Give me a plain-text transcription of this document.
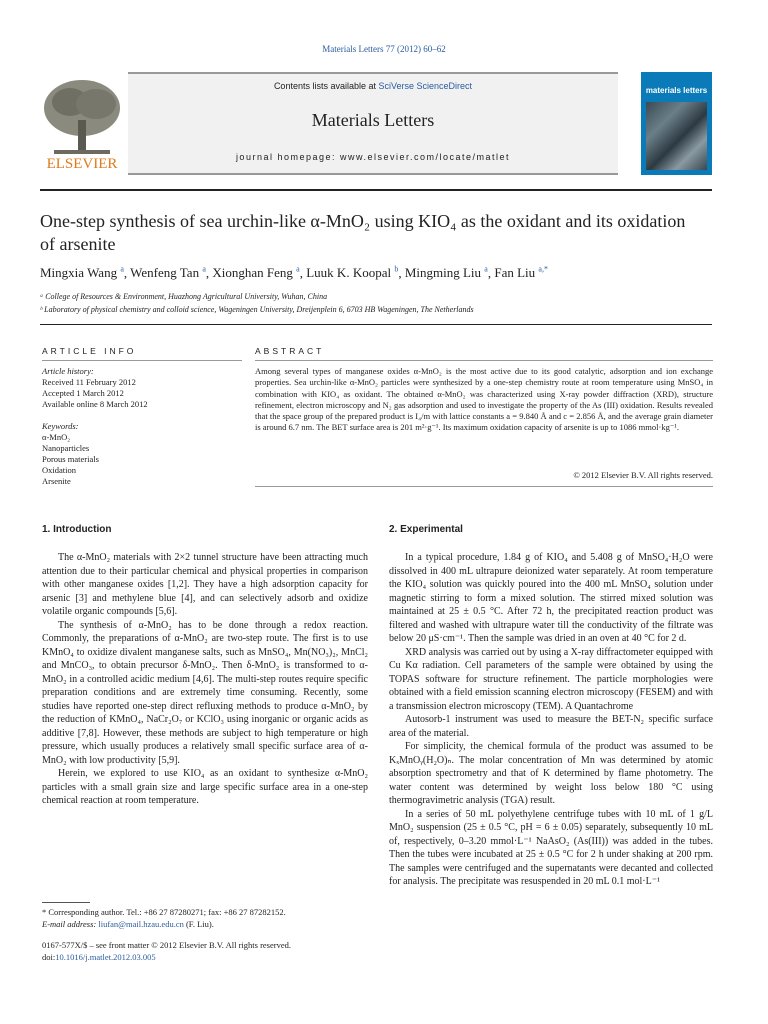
Materials Letters 77 (2012) 60–62
ELSEVIER
Contents lists available at SciVerse ScienceDirect
Materials Letters
journal homepage: www.elsevier.com/locate/matlet
materials letters
One-step synthesis of sea urchin-like α-MnO₂ using KIO₄ as the oxidant and its oxidation of arsenite
Mingxia Wang $^a$, Wenfeng Tan $^a$, Xionghan Feng $^a$, Luuk K. Koopal $^b$, Mingming Liu $^a$, Fan Liu $^{a,*}$
ᵃ College of Resources & Environment, Huazhong Agricultural University, Wuhan, China
ᵇ Laboratory of physical chemistry and colloid science, Wageningen University, Dreijenplein 6, 6703 HB Wageningen, The Netherlands
ARTICLE INFO	ABSTRACT
Article history:
Received 11 February 2012
Accepted 1 March 2012
Available online 8 March 2012
Keywords:
α-MnO₂
Nanoparticles
Porous materials
Oxidation
Arsenite
Among several types of manganese oxides α-MnO₂ is the most active due to its good catalytic, adsorption and ion exchange properties. Sea urchin-like α-MnO₂ particles were synthesized by a one-step chemistry route at room temperature using MnSO₄ in combination with KIO₄ as oxidant. The obtained α-MnO₂ was characterized using X-ray powder diffraction (XRD), structure refinement, electron microscopy and N₂ gas adsorption and used to investigate the property of the As (III) oxidation. Results revealed that the space group of the prepared product is I₄/m with lattice constants a = 9.840 Å and c = 2.856 Å, and the average grain diameter is around 6.7 nm. The BET surface area is 201 m²·g⁻¹. Its maximum oxidation capacity of arsenite is up to 1086 mmol·kg⁻¹.
© 2012 Elsevier B.V. All rights reserved.
1. Introduction	2. Experimental

The α-MnO₂ materials with 2×2 tunnel structure have been attracting much attention due to their particular chemical and physical properties in comparison with other manganese oxides [1,2]. They have a high adsorption capacity for arsenic [3] and methylene blue [4], and can selectively adsorb and oxidize volatile organic compounds [5,6].

The synthesis of α-MnO₂ has to be done through a redox reaction. Commonly, the preparations of α-MnO₂ are two-step route. The first is to use KMnO₄ to oxidize divalent manganese salts, such as MnSO₄, Mn(NO₃)₂, MnCl₂ and MnCO₃, to obtain precursor δ-MnO₂. Then δ-MnO₂ is transformed to α-MnO₂ in a controlled acidic medium [4,6]. The multi-step routes require specific preparation conditions and are extremely time consuming. Recently, some studies have reported one-step direct refluxing methods to produce α-MnO₂ by the reduction of KMnO₄, NaCr₂O₇ or KClO₃ using inorganic or organic acids as additive [7,8]. However, these methods are subject to high temperature or high pressure, which usually produces a relatively small specific surface area of α-MnO₂ with low productivity [5,9].

Herein, we explored to use KIO₄ as an oxidant to synthesize α-MnO₂ particles with a small grain size and large specific surface area in a one-step chemical reaction at room temperature.

In a typical procedure, 1.84 g of KIO₄ and 5.408 g of MnSO₄·H₂O were dissolved in 400 mL ultrapure deionized water separately. At room temperature the KIO₄ solution was quickly poured into the 400 mL MnSO₄ solution under magnetic stirring to form a mixed solution. The stirred mixed solution was maintained at 25 ± 0.5 °C. After 72 h, the precipitated reaction product was filtered and washed with ultrapure water till the conductivity of the filtrate was below 20 μS·cm⁻¹. Then the sample was dried in an oven at 40 °C for 2 d.

XRD analysis was carried out by using a X-ray diffractometer equipped with Cu Kα radiation. Cell parameters of the sample were obtained by using the TOPAS software for structure refinement. The particle morphologies were obtained with a field emission scanning electron microscopy (FESEM) and with a transmission electron microscopy (TEM). A Quantachrome

Autosorb-1 instrument was used to measure the BET-N₂ specific surface area of the material.

For simplicity, the chemical formula of the product was assumed to be KₓMnOᵧ(H₂O)ₙ. The molar concentration of Mn was determined by atomic absorption spectrometry and that of K determined by flame photometry. The water content was determined by weight loss below 180 °C using thermogravimetric analysis (TGA) result.

In a series of 50 mL polyethylene centrifuge tubes with 10 mL of 1 g/L MnO₂ suspension (25 ± 0.5 °C, pH = 6 ± 0.05) separately, subsequently 10 mL of, respectively, 0–3.20 mmol·L⁻¹ NaAsO₂ (As(III)) was added in the tubes. Then the tubes were incubated at 25 ± 0.5 °C for 2 h under shaking at 200 rpm. The samples were centrifuged and the supernatants were decanted and collected for analysis. The precipitate was resuspended in 20 mL 0.1 mol·L⁻¹

* Corresponding author. Tel.: +86 27 87280271; fax: +86 27 87282152.
E-mail address: liufan@mail.hzau.edu.cn (F. Liu).
0167-577X/$ – see front matter © 2012 Elsevier B.V. All rights reserved.
doi:10.1016/j.matlet.2012.03.005
